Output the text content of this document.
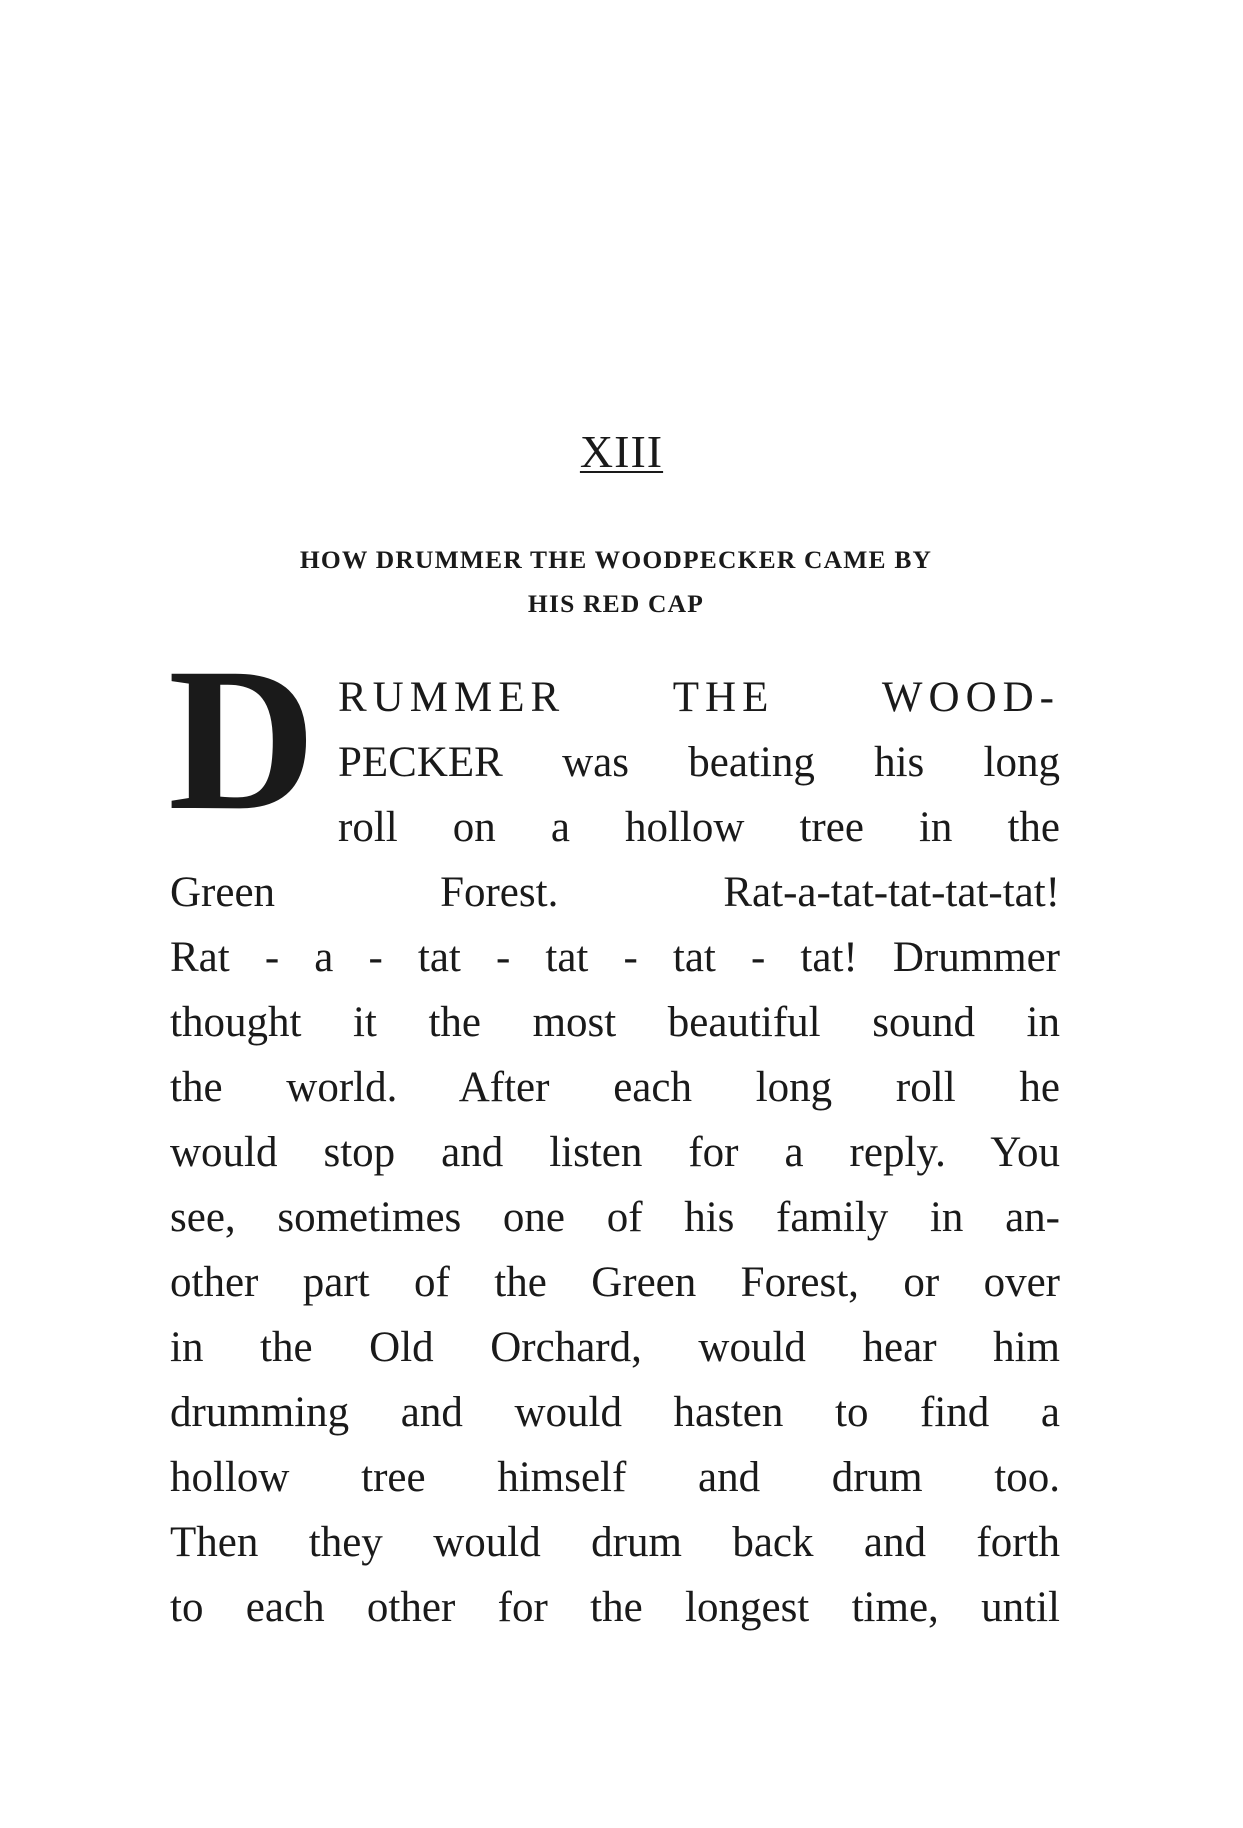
XIII
HOW DRUMMER THE WOODPECKER CAME BY
HIS RED CAP
D RUMMER THE WOOD-
PECKER was beating his long
roll on a hollow tree in the
Green Forest. Rat-a-tat-tat-tat-tat!
Rat - a - tat - tat - tat - tat! Drummer
thought it the most beautiful sound in
the world. After each long roll he
would stop and listen for a reply. You
see, sometimes one of his family in an-
other part of the Green Forest, or over
in the Old Orchard, would hear him
drumming and would hasten to find a
hollow tree himself and drum too.
Then they would drum back and forth
to each other for the longest time, until
